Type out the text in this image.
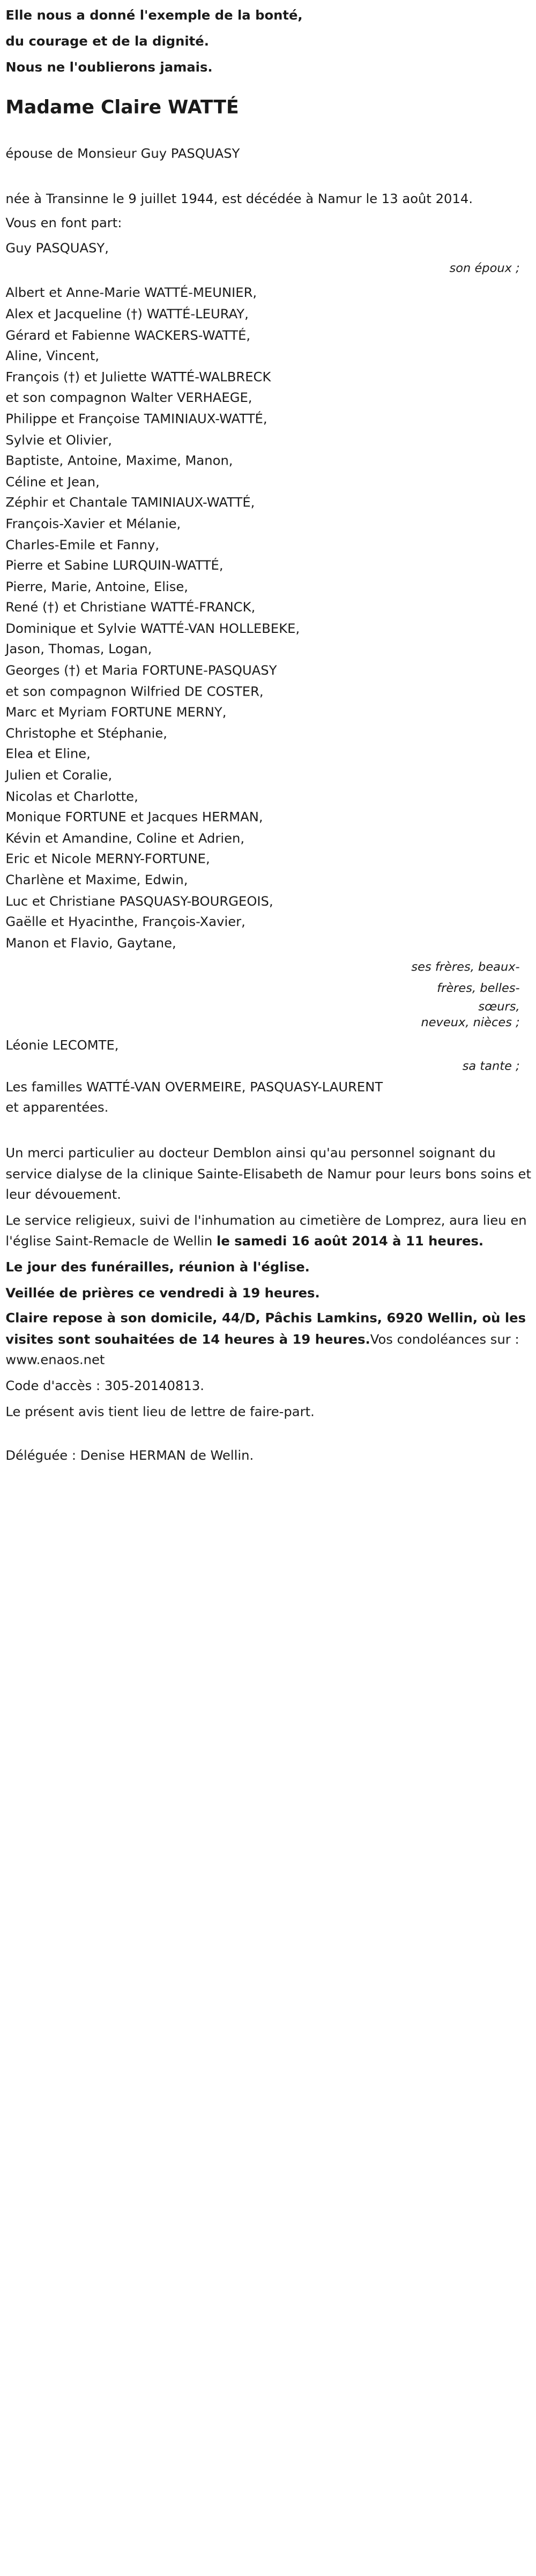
Elle nous a donné l'exemple de la bonté,

du courage et de la dignité.

Nous ne l'oublierons jamais.

Madame Claire WATTÉ

épouse de Monsieur Guy PASQUASY

née à Transinne le 9 juillet 1944, est décédée à Namur le 13 août 2014.

Vous en font part:

Guy PASQUASY,

son époux ;

Albert et Anne-Marie WATTÉ-MEUNIER,

Alex et Jacqueline (†) WATTÉ-LEURAY,

Gérard et Fabienne WACKERS-WATTÉ,

Aline, Vincent,

François (†) et Juliette WATTÉ-WALBRECK

et son compagnon Walter VERHAEGE,

Philippe et Françoise TAMINIAUX-WATTÉ,

Sylvie et Olivier,

Baptiste, Antoine, Maxime, Manon,

Céline et Jean,

Zéphir et Chantale TAMINIAUX-WATTÉ,

François-Xavier et Mélanie,

Charles-Emile et Fanny,

Pierre et Sabine LURQUIN-WATTÉ,

Pierre, Marie, Antoine, Elise,

René (†) et Christiane WATTÉ-FRANCK,

Dominique et Sylvie WATTÉ-VAN HOLLEBEKE,

Jason, Thomas, Logan,

Georges (†) et Maria FORTUNE-PASQUASY

et son compagnon Wilfried DE COSTER,

Marc et Myriam FORTUNE MERNY,

Christophe et Stéphanie,

Elea et Eline,

Julien et Coralie,

Nicolas et Charlotte,

Monique FORTUNE et Jacques HERMAN,

Kévin et Amandine, Coline et Adrien,

Eric et Nicole MERNY-FORTUNE,

Charlène et Maxime, Edwin,

Luc et Christiane PASQUASY-BOURGEOIS,

Gaëlle et Hyacinthe, François-Xavier,

Manon et Flavio, Gaytane,

ses frères, beaux-
frères, belles-
sœurs,
neveux, nièces ;

Léonie LECOMTE,

sa tante ;

Les familles WATTÉ-VAN OVERMEIRE, PASQUASY-LAURENT

et apparentées.

Un merci particulier au docteur Demblon ainsi qu'au personnel soignant du service dialyse de la clinique Sainte-Elisabeth de Namur pour leurs bons soins et leur dévouement.

Le service religieux, suivi de l'inhumation au cimetière de Lomprez, aura lieu en l'église Saint-Remacle de Wellin le samedi 16 août 2014 à 11 heures.

Le jour des funérailles, réunion à l'église.

Veillée de prières ce vendredi à 19 heures.

Claire repose à son domicile, 44/D, Pâchis Lamkins, 6920 Wellin, où les visites sont souhaitées de 14 heures à 19 heures.Vos condoléances sur : www.enaos.net

Code d'accès : 305-20140813.

Le présent avis tient lieu de lettre de faire-part.

Déléguée : Denise HERMAN de Wellin.
